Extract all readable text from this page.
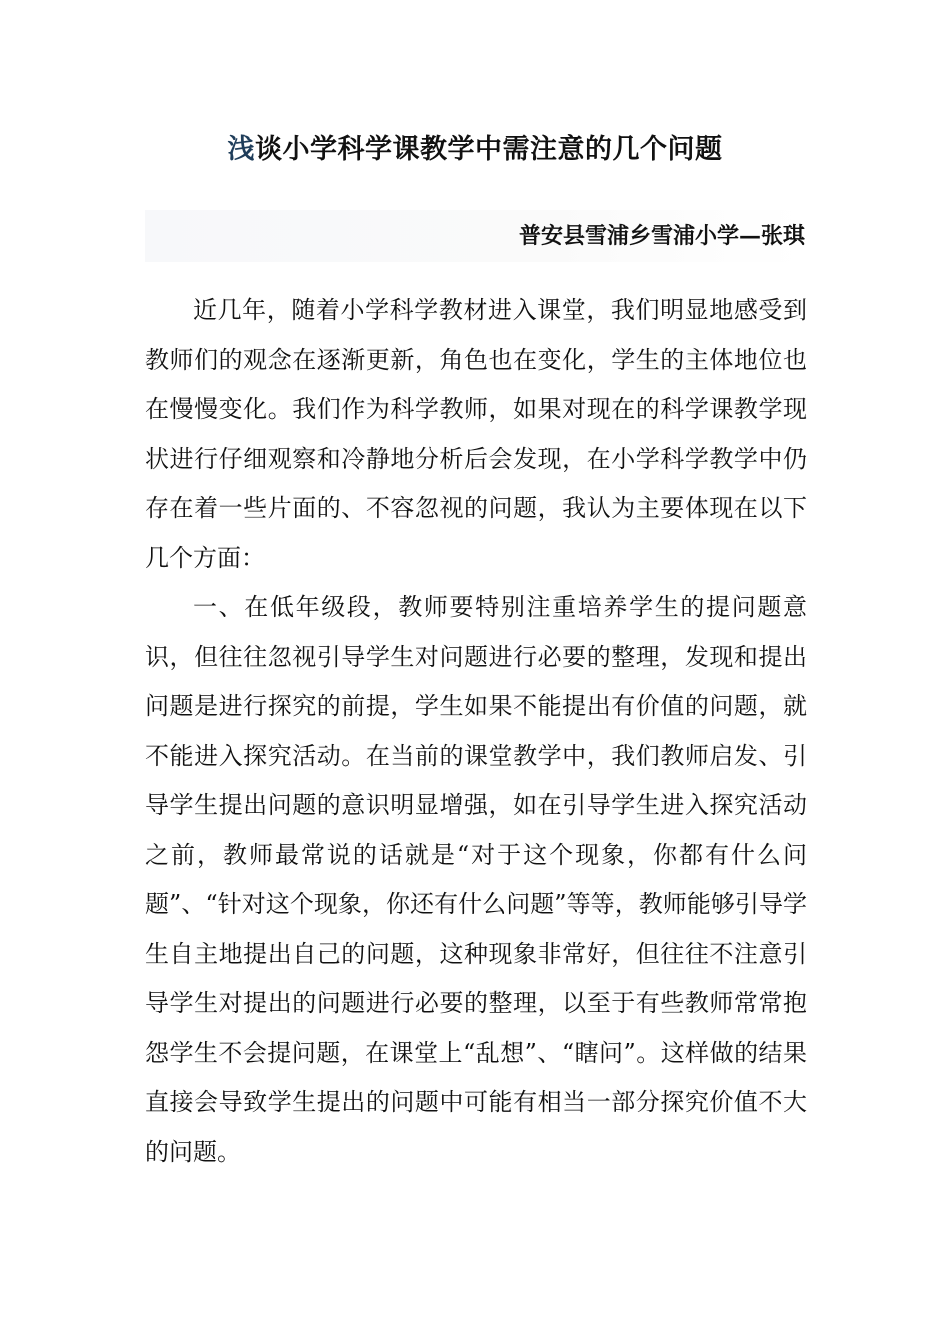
浅谈小学科学课教学中需注意的几个问题

普安县雪浦乡雪浦小学—张琪

近几年，随着小学科学教材进入课堂，我们明显地感受到教师们的观念在逐渐更新，角色也在变化，学生的主体地位也在慢慢变化。我们作为科学教师，如果对现在的科学课教学现状进行仔细观察和冷静地分析后会发现，在小学科学教学中仍存在着一些片面的、不容忽视的问题，我认为主要体现在以下几个方面：

一、在低年级段，教师要特别注重培养学生的提问题意识，但往往忽视引导学生对问题进行必要的整理，发现和提出问题是进行探究的前提，学生如果不能提出有价值的问题，就不能进入探究活动。在当前的课堂教学中，我们教师启发、引导学生提出问题的意识明显增强，如在引导学生进入探究活动之前，教师最常说的话就是“对于这个现象，你都有什么问题”、“针对这个现象，你还有什么问题”等等，教师能够引导学生自主地提出自己的问题，这种现象非常好，但往往不注意引导学生对提出的问题进行必要的整理，以至于有些教师常常抱怨学生不会提问题，在课堂上“乱想”、“瞎问”。这样做的结果直接会导致学生提出的问题中可能有相当一部分探究价值不大的问题。
